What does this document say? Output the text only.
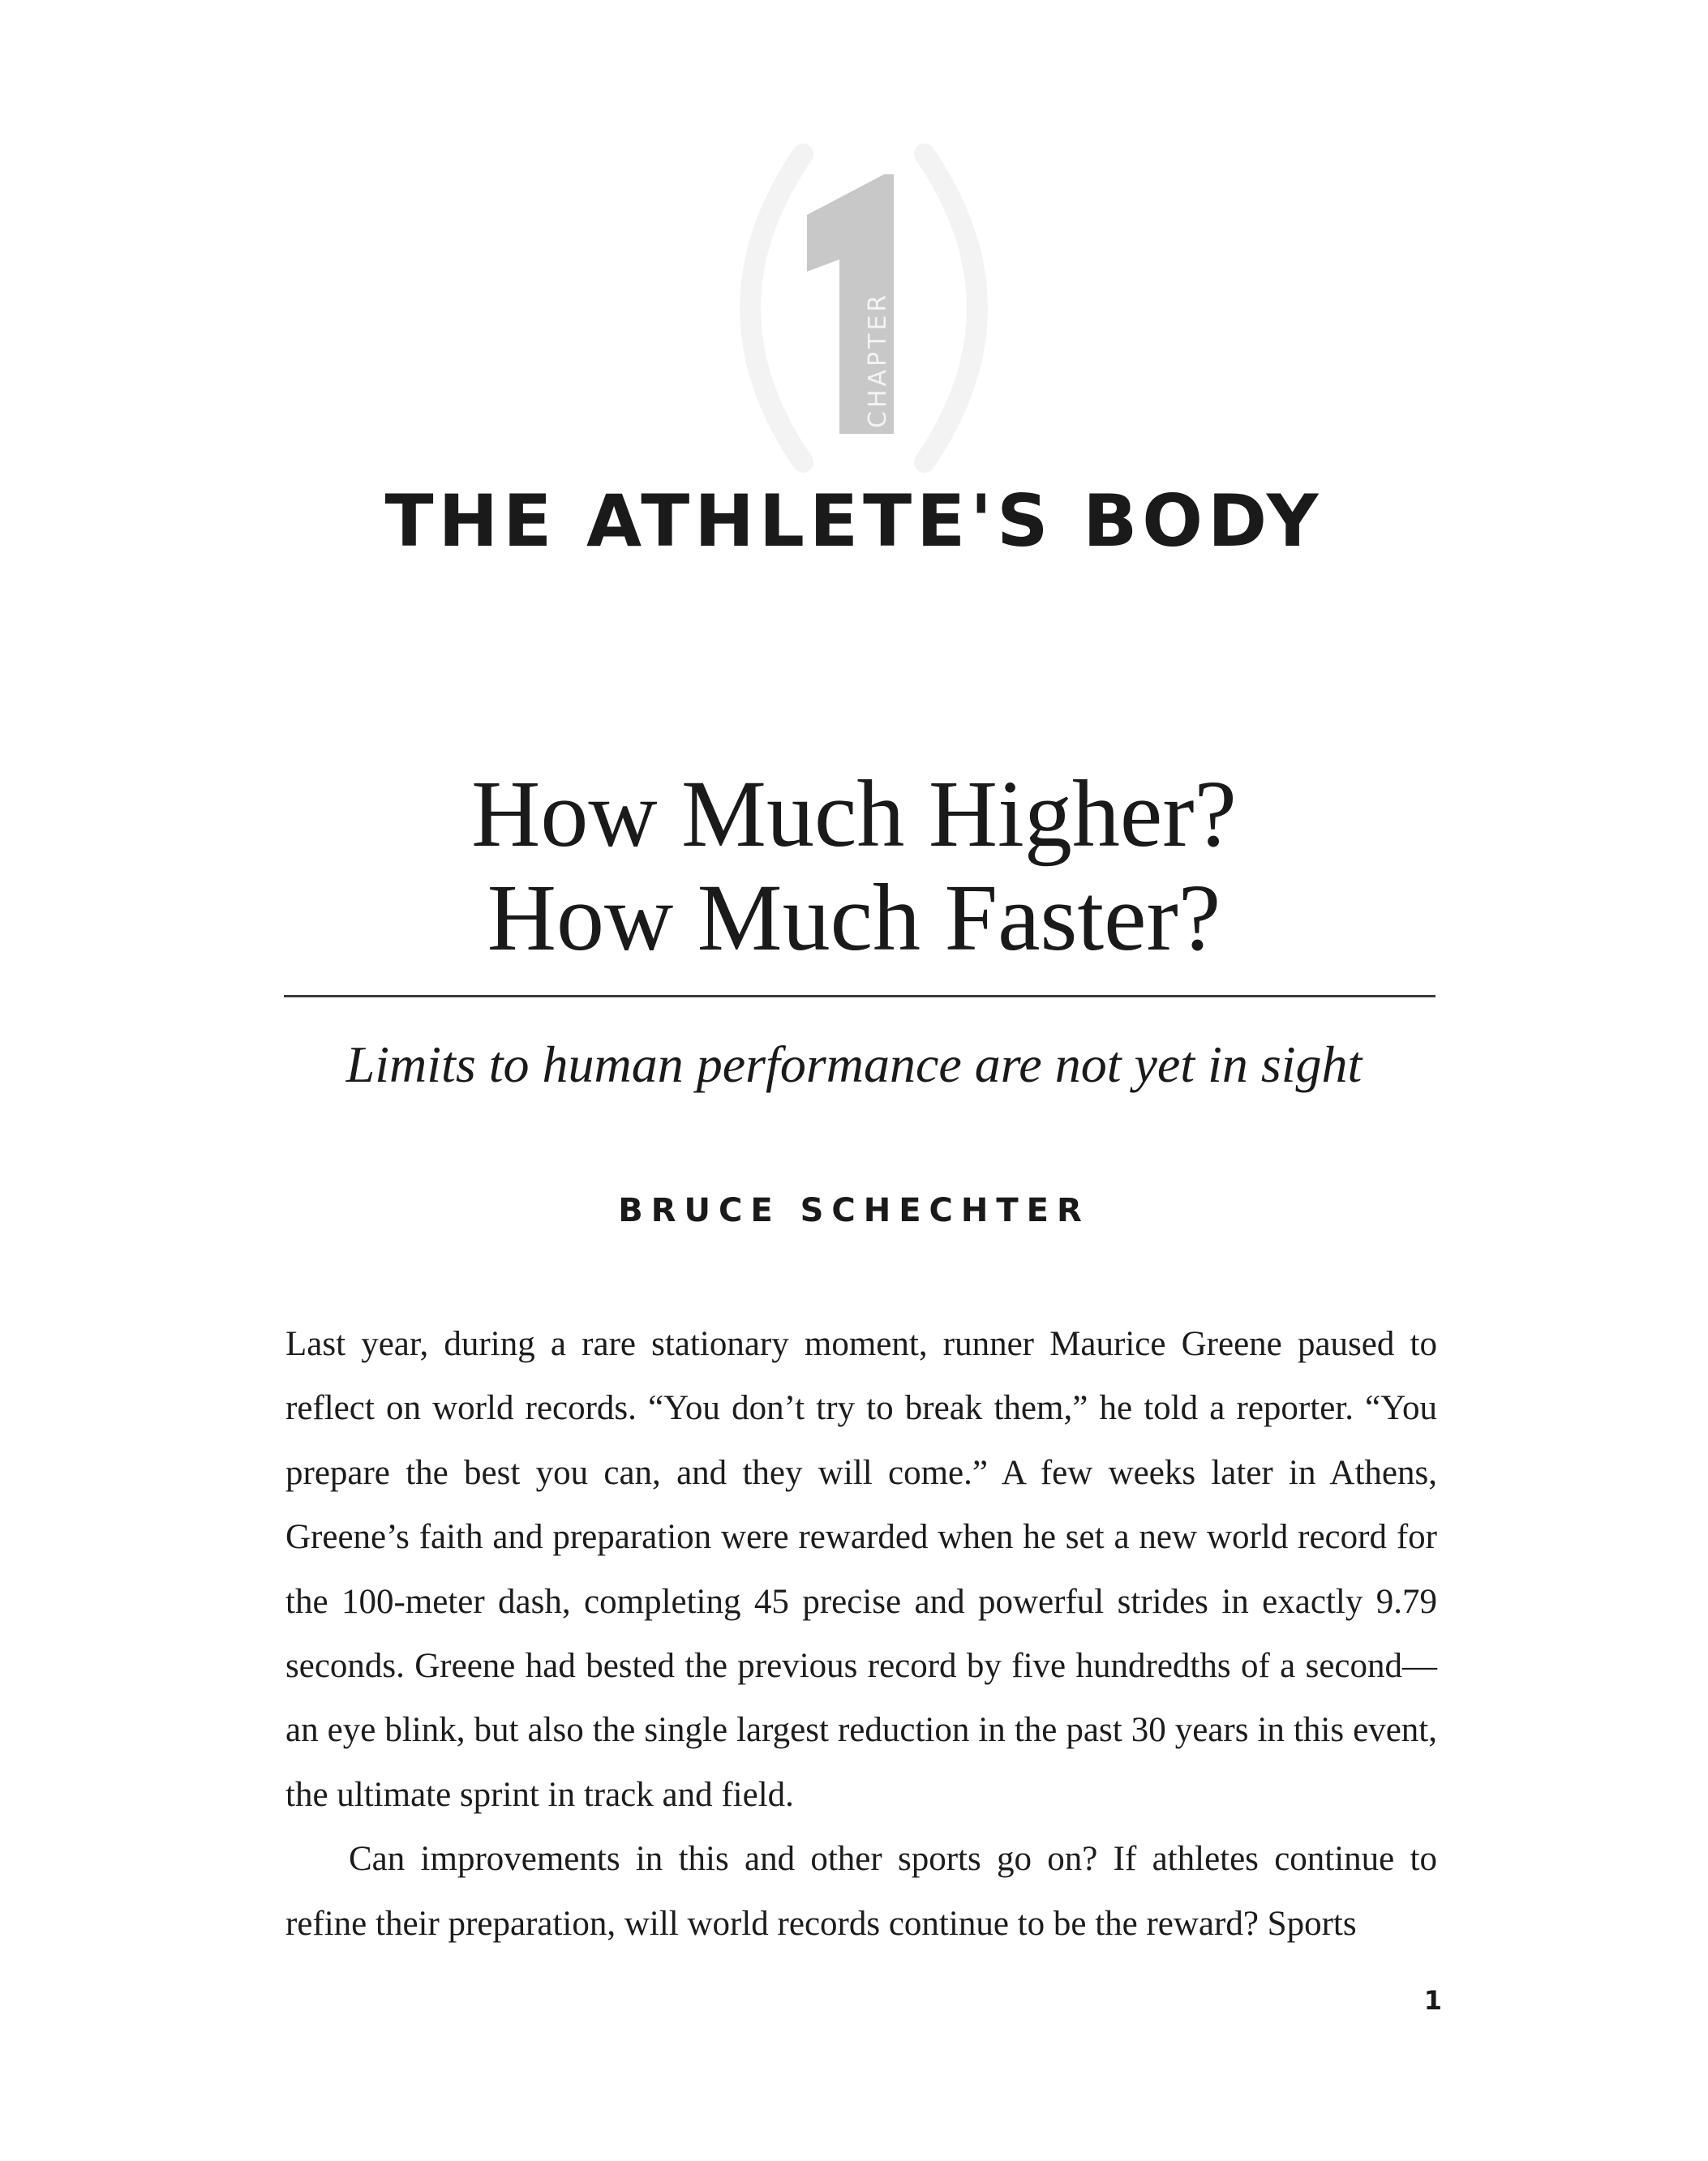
CHAPTER
THE ATHLETE'S BODY
How Much Higher?
How Much Faster?
Limits to human performance are not yet in sight
BRUCE SCHECHTER

Last year, during a rare stationary moment, runner Maurice Greene paused to reflect on world records. “You don’t try to break them,” he told a reporter. “You prepare the best you can, and they will come.” A few weeks later in Athens, Greene’s faith and preparation were rewarded when he set a new world record for the 100-meter dash, completing 45 precise and powerful strides in exactly 9.79 seconds. Greene had bested the previous record by five hundredths of a second—an eye blink, but also the single largest reduction in the past 30 years in this event, the ultimate sprint in track and field.

Can improvements in this and other sports go on? If athletes continue to refine their preparation, will world records continue to be the reward? Sports

1
